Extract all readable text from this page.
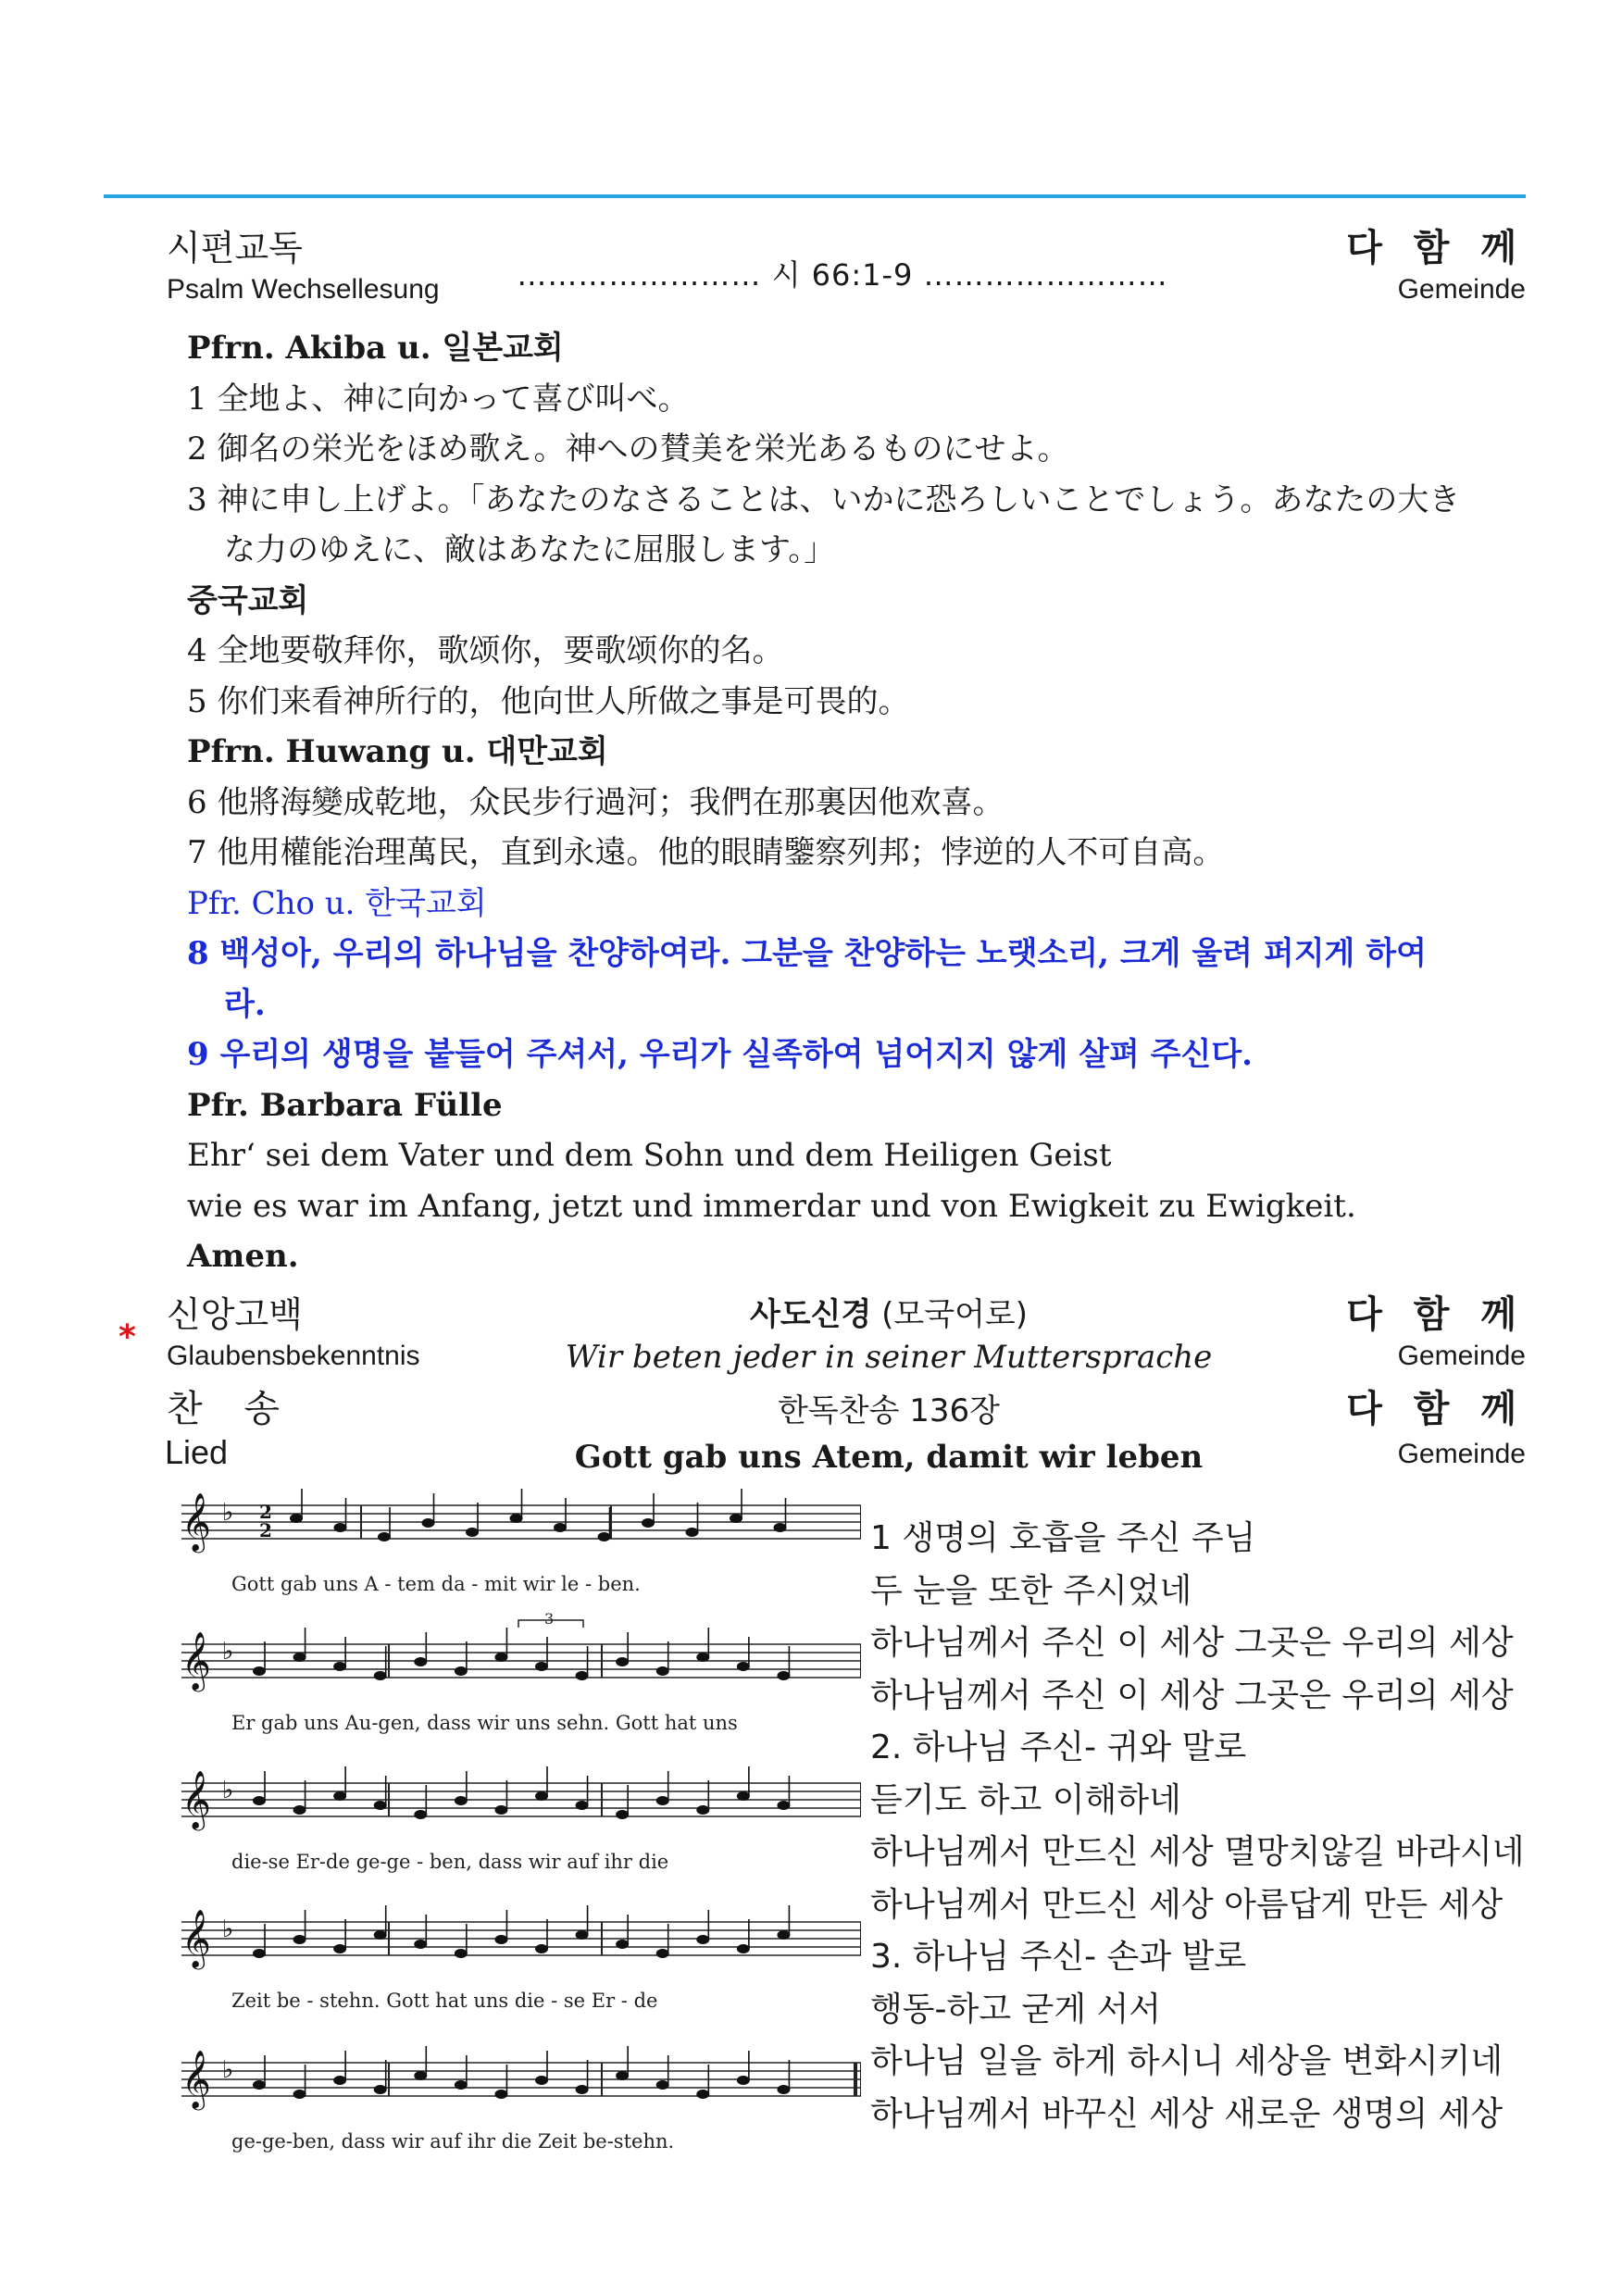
시편교독
Psalm Wechsellesung
다 함 께
Gemeinde
…………………… 시 66:1-9 ……………………
Pfrn. Akiba u. 일본교회
1 全地よ、神に向かって喜び叫べ。
2 御名の栄光をほめ歌え。神への賛美を栄光あるものにせよ。
3 神に申し上げよ。「あなたのなさることは、いかに恐ろしいことでしょう。あなたの大き
な力のゆえに、敵はあなたに屈服します。」
중국교회
4 全地要敬拜你，歌颂你，要歌颂你的名。
5 你们来看神所行的，他向世人所做之事是可畏的。
Pfrn. Huwang u. 대만교회
6 他將海變成乾地，众民步行過河；我們在那裏因他欢喜。
7 他用權能治理萬民，直到永遠。他的眼睛鑒察列邦；悖逆的人不可自高。
Pfr. Cho u. 한국교회
8 백성아, 우리의 하나님을 찬양하여라. 그분을 찬양하는 노랫소리, 크게 울려 퍼지게 하여
라.
9 우리의 생명을 붙들어 주셔서, 우리가 실족하여 넘어지지 않게 살펴 주신다.
Pfr. Barbara Fülle
Ehr‘ sei dem Vater und dem Sohn und dem Heiligen Geist
wie es war im Anfang, jetzt und immerdar und von Ewigkeit zu Ewigkeit.
Amen.
*
신앙고백
Glaubensbekenntnis
다 함 께
Gemeinde
사도신경 (모국어로)
Wir beten jeder in seiner Muttersprache
찬 송
Lied
다 함 께
Gemeinde
한독찬송 136장
Gott gab uns Atem, damit wir leben
𝄞 ♭
Gott gab uns A - tem da - mit wir le - ben.
𝄞 ♭
Er gab uns Au-gen, dass wir uns sehn. Gott hat uns
𝄞 ♭
die-se Er-de ge-ge - ben, dass wir auf ihr die
𝄞 ♭
Zeit be - stehn. Gott hat uns die - se Er - de
𝄞 ♭
ge-ge-ben, dass wir auf ihr die Zeit be-stehn.
2
2
3
1 생명의 호흡을 주신 주님
두 눈을 또한 주시었네
하나님께서 주신 이 세상 그곳은 우리의 세상
하나님께서 주신 이 세상 그곳은 우리의 세상
2. 하나님 주신- 귀와 말로
듣기도 하고 이해하네
하나님께서 만드신 세상 멸망치않길 바라시네
하나님께서 만드신 세상 아름답게 만든 세상
3. 하나님 주신- 손과 발로
행동-하고 굳게 서서
하나님 일을 하게 하시니 세상을 변화시키네
하나님께서 바꾸신 세상 새로운 생명의 세상
